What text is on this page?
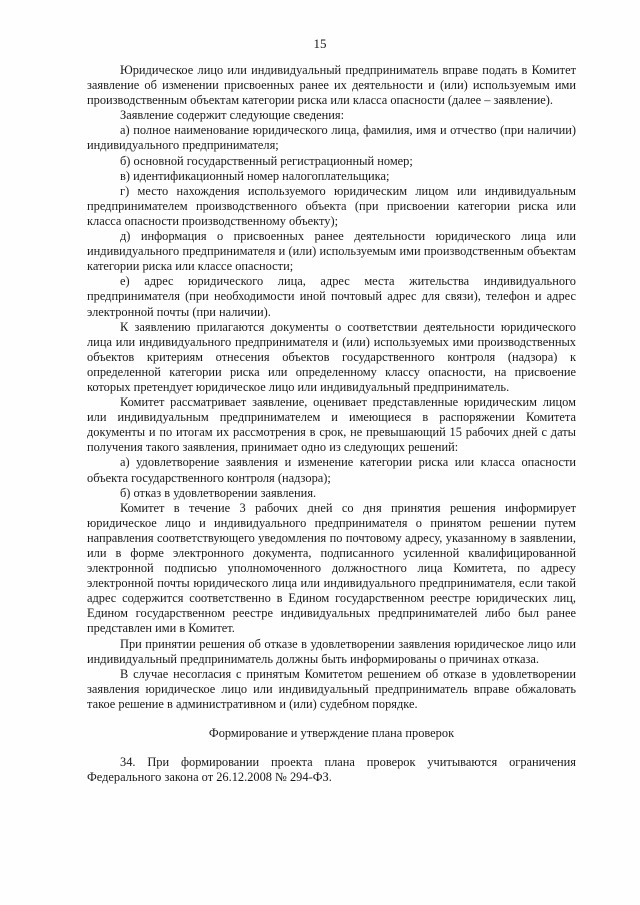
15

Юридическое лицо или индивидуальный предприниматель вправе подать в Комитет заявление об изменении присвоенных ранее их деятельности и (или) используемым ими производственным объектам категории риска или класса опасности (далее – заявление).

Заявление содержит следующие сведения:

а) полное наименование юридического лица, фамилия, имя и отчество (при наличии) индивидуального предпринимателя;

б) основной государственный регистрационный номер;

в) идентификационный номер налогоплательщика;

г) место нахождения используемого юридическим лицом или индивидуальным предпринимателем производственного объекта (при присвоении категории риска или класса опасности производственному объекту);

д) информация о присвоенных ранее деятельности юридического лица или индивидуального предпринимателя и (или) используемым ими производственным объектам категории риска или классе опасности;

е) адрес юридического лица, адрес места жительства индивидуального предпринимателя (при необходимости иной почтовый адрес для связи), телефон и адрес электронной почты (при наличии).

К заявлению прилагаются документы о соответствии деятельности юридического лица или индивидуального предпринимателя и (или) используемых ими производственных объектов критериям отнесения объектов государственного контроля (надзора) к определенной категории риска или определенному классу опасности, на присвоение которых претендует юридическое лицо или индивидуальный предприниматель.

Комитет рассматривает заявление, оценивает представленные юридическим лицом или индивидуальным предпринимателем и имеющиеся в распоряжении Комитета документы и по итогам их рассмотрения в срок, не превышающий 15 рабочих дней с даты получения такого заявления, принимает одно из следующих решений:

а) удовлетворение заявления и изменение категории риска или класса опасности объекта государственного контроля (надзора);

б) отказ в удовлетворении заявления.

Комитет в течение 3 рабочих дней со дня принятия решения информирует юридическое лицо и индивидуального предпринимателя о принятом решении путем направления соответствующего уведомления по почтовому адресу, указанному в заявлении, или в форме электронного документа, подписанного усиленной квалифицированной электронной подписью уполномоченного должностного лица Комитета, по адресу электронной почты юридического лица или индивидуального предпринимателя, если такой адрес содержится соответственно в Едином государственном реестре юридических лиц, Едином государственном реестре индивидуальных предпринимателей либо был ранее представлен ими в Комитет.

При принятии решения об отказе в удовлетворении заявления юридическое лицо или индивидуальный предприниматель должны быть информированы о причинах отказа.

В случае несогласия с принятым Комитетом решением об отказе в удовлетворении заявления юридическое лицо или индивидуальный предприниматель вправе обжаловать такое решение в административном и (или) судебном порядке.

Формирование и утверждение плана проверок

34. При формировании проекта плана проверок учитываются ограничения Федерального закона от 26.12.2008 № 294-ФЗ.
